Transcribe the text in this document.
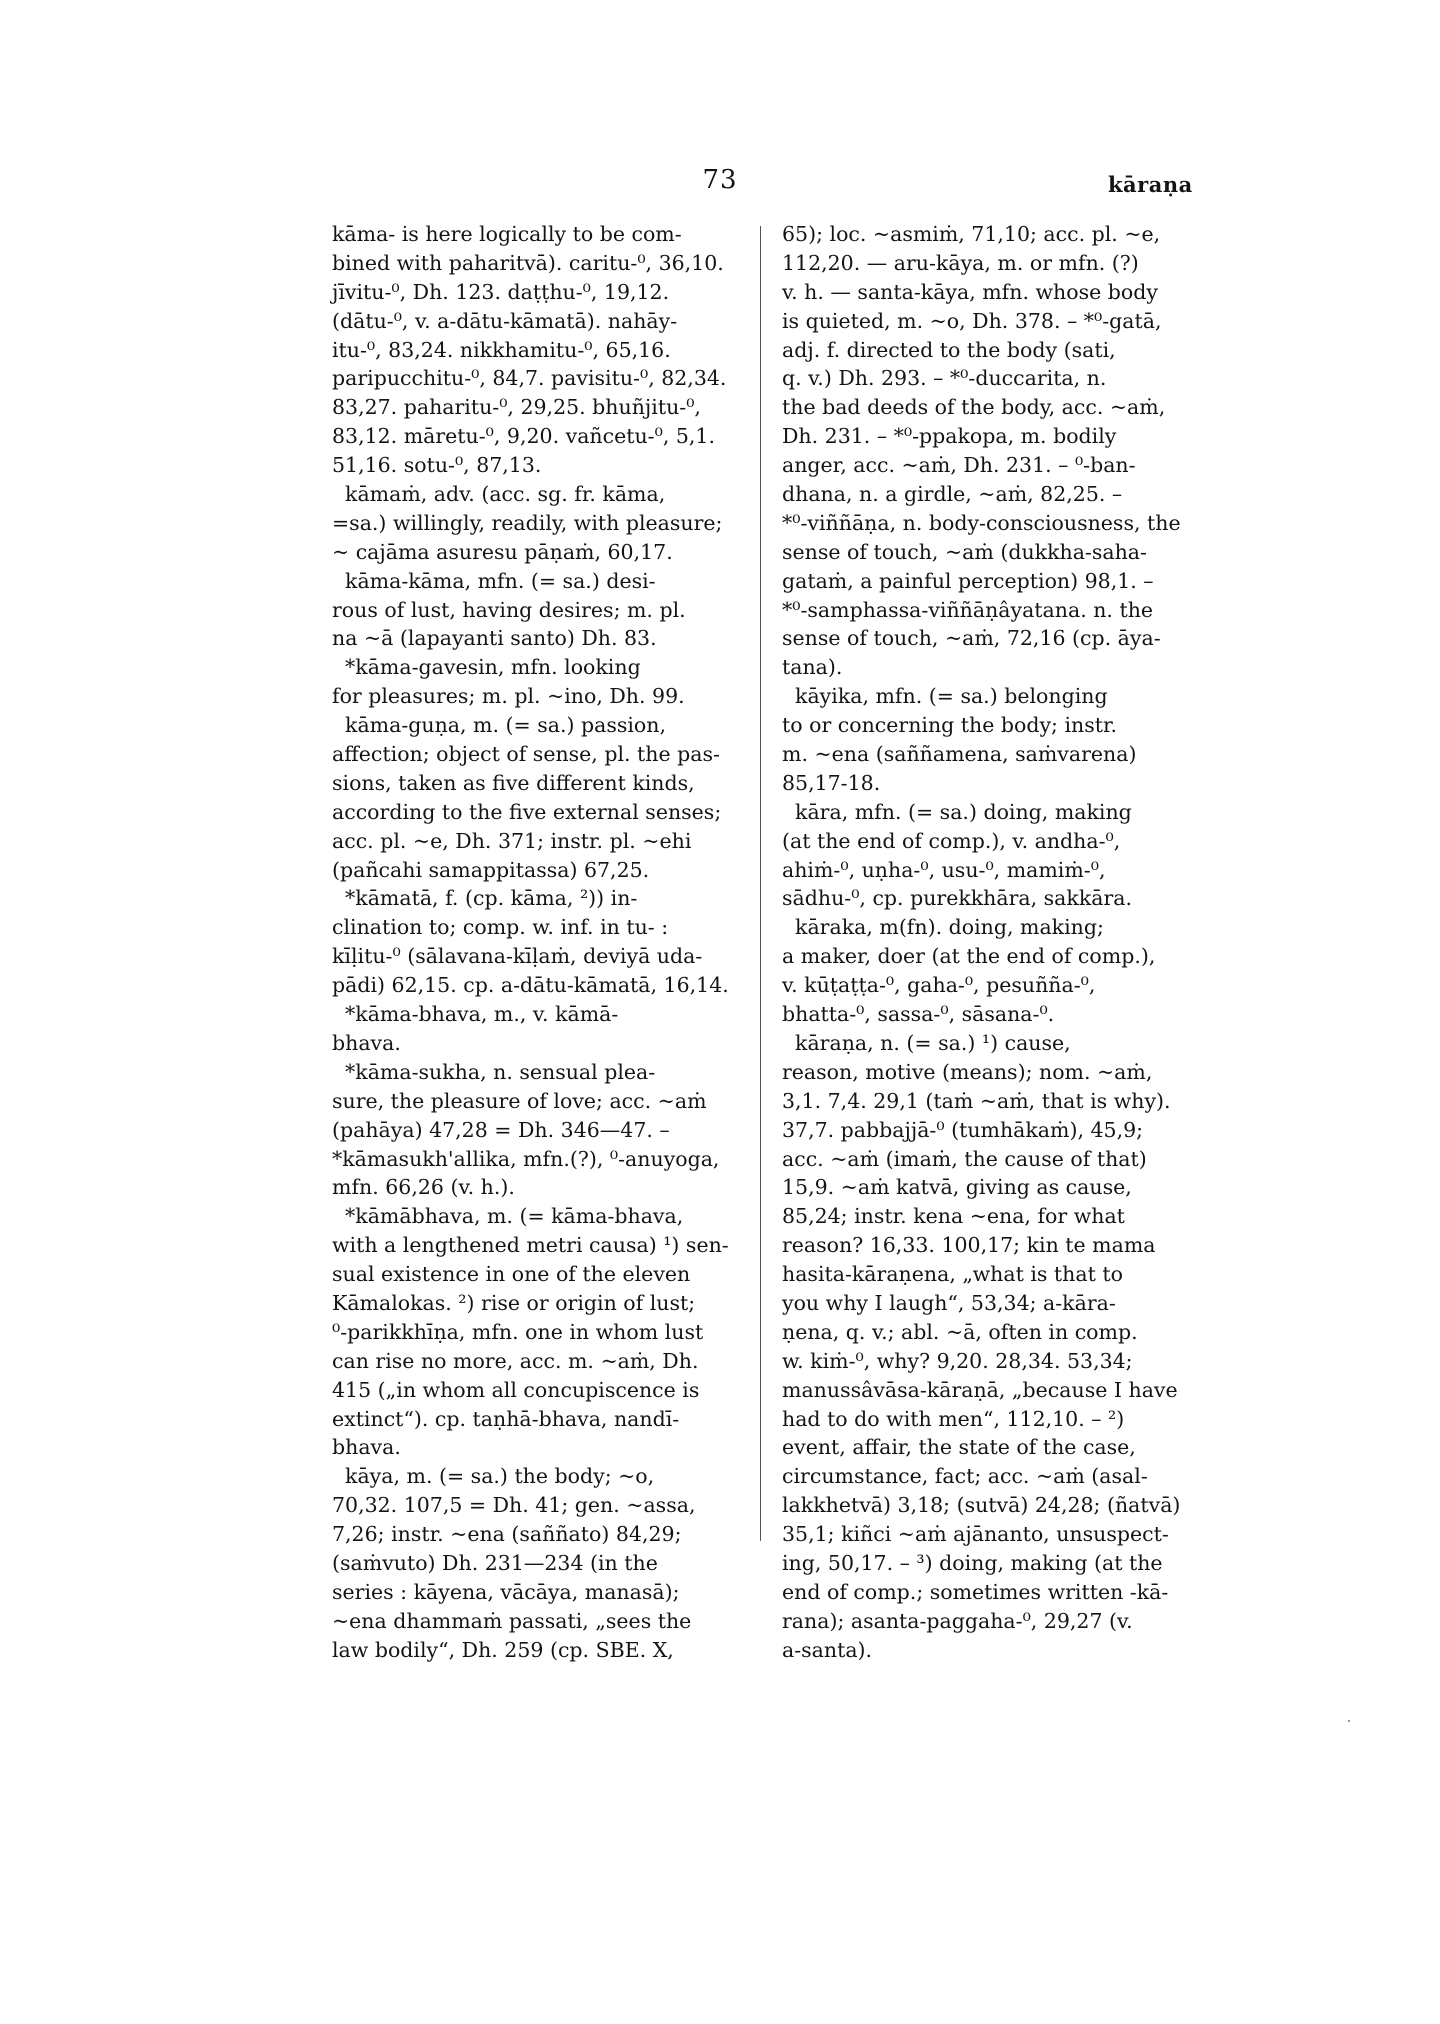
73	kāraṇa
kāma- is here logically to be com-
bined with paharitvā). caritu-⁰, 36,10.
jīvitu-⁰, Dh. 123. daṭṭhu-⁰, 19,12.
(dātu-⁰, v. a-dātu-kāmatā). nahāy-
itu-⁰, 83,24. nikkhamitu-⁰, 65,16.
paripucchitu-⁰, 84,7. pavisitu-⁰, 82,34.
83,27. paharitu-⁰, 29,25. bhuñjitu-⁰,
83,12. māretu-⁰, 9,20. vañcetu-⁰, 5,1.
51,16. sotu-⁰, 87,13.
kāmaṁ, adv. (acc. sg. fr. kāma,
=sa.) willingly, readily, with pleasure;
~ cajāma asuresu pāṇaṁ, 60,17.
kāma-kāma, mfn. (= sa.) desi-
rous of lust, having desires; m. pl.
na ~ā (lapayanti santo) Dh. 83.
*kāma-gavesin, mfn. looking
for pleasures; m. pl. ~ino, Dh. 99.
kāma-guṇa, m. (= sa.) passion,
affection; object of sense, pl. the pas-
sions, taken as five different kinds,
according to the five external senses;
acc. pl. ~e, Dh. 371; instr. pl. ~ehi
(pañcahi samappitassa) 67,25.
*kāmatā, f. (cp. kāma, ²)) in-
clination to; comp. w. inf. in tu- :
kīḷitu-⁰ (sālavana-kīḷaṁ, deviyā uda-
pādi) 62,15. cp. a-dātu-kāmatā, 16,14.
*kāma-bhava, m., v. kāmā-
bhava.
*kāma-sukha, n. sensual plea-
sure, the pleasure of love; acc. ~aṁ
(pahāya) 47,28 = Dh. 346—47. –
*kāmasukh'allika, mfn.(?), ⁰-anuyoga,
mfn. 66,26 (v. h.).
*kāmābhava, m. (= kāma-bhava,
with a lengthened metri causa) ¹) sen-
sual existence in one of the eleven
Kāmalokas. ²) rise or origin of lust;
⁰-parikkhīṇa, mfn. one in whom lust
can rise no more, acc. m. ~aṁ, Dh.
415 („in whom all concupiscence is
extinct“). cp. taṇhā-bhava, nandī-
bhava.
kāya, m. (= sa.) the body; ~o,
70,32. 107,5 = Dh. 41; gen. ~assa,
7,26; instr. ~ena (saññato) 84,29;
(saṁvuto) Dh. 231—234 (in the
series : kāyena, vācāya, manasā);
~ena dhammaṁ passati, „sees the
law bodily“, Dh. 259 (cp. SBE. X,
65); loc. ~asmiṁ, 71,10; acc. pl. ~e,
112,20. — aru-kāya, m. or mfn. (?)
v. h. — santa-kāya, mfn. whose body
is quieted, m. ~o, Dh. 378. – *⁰-gatā,
adj. f. directed to the body (sati,
q. v.) Dh. 293. – *⁰-duccarita, n.
the bad deeds of the body, acc. ~aṁ,
Dh. 231. – *⁰-ppakopa, m. bodily
anger, acc. ~aṁ, Dh. 231. – ⁰-ban-
dhana, n. a girdle, ~aṁ, 82,25. –
*⁰-viññāṇa, n. body-consciousness, the
sense of touch, ~aṁ (dukkha-saha-
gataṁ, a painful perception) 98,1. –
*⁰-samphassa-viññāṇâyatana. n. the
sense of touch, ~aṁ, 72,16 (cp. āya-
tana).
kāyika, mfn. (= sa.) belonging
to or concerning the body; instr.
m. ~ena (saññamena, saṁvarena)
85,17-18.
kāra, mfn. (= sa.) doing, making
(at the end of comp.), v. andha-⁰,
ahiṁ-⁰, uṇha-⁰, usu-⁰, mamiṁ-⁰,
sādhu-⁰, cp. purekkhāra, sakkāra.
kāraka, m(fn). doing, making;
a maker, doer (at the end of comp.),
v. kūṭaṭṭa-⁰, gaha-⁰, pesuñña-⁰,
bhatta-⁰, sassa-⁰, sāsana-⁰.
kāraṇa, n. (= sa.) ¹) cause,
reason, motive (means); nom. ~aṁ,
3,1. 7,4. 29,1 (taṁ ~aṁ, that is why).
37,7. pabbajjā-⁰ (tumhākaṁ), 45,9;
acc. ~aṁ (imaṁ, the cause of that)
15,9. ~aṁ katvā, giving as cause,
85,24; instr. kena ~ena, for what
reason? 16,33. 100,17; kin te mama
hasita-kāraṇena, „what is that to
you why I laugh“, 53,34; a-kāra-
ṇena, q. v.; abl. ~ā, often in comp.
w. kiṁ-⁰, why? 9,20. 28,34. 53,34;
manussâvāsa-kāraṇā, „because I have
had to do with men“, 112,10. – ²)
event, affair, the state of the case,
circumstance, fact; acc. ~aṁ (asal-
lakkhetvā) 3,18; (sutvā) 24,28; (ñatvā)
35,1; kiñci ~aṁ ajānanto, unsuspect-
ing, 50,17. – ³) doing, making (at the
end of comp.; sometimes written -kā-
rana); asanta-paggaha-⁰, 29,27 (v.
a-santa).
